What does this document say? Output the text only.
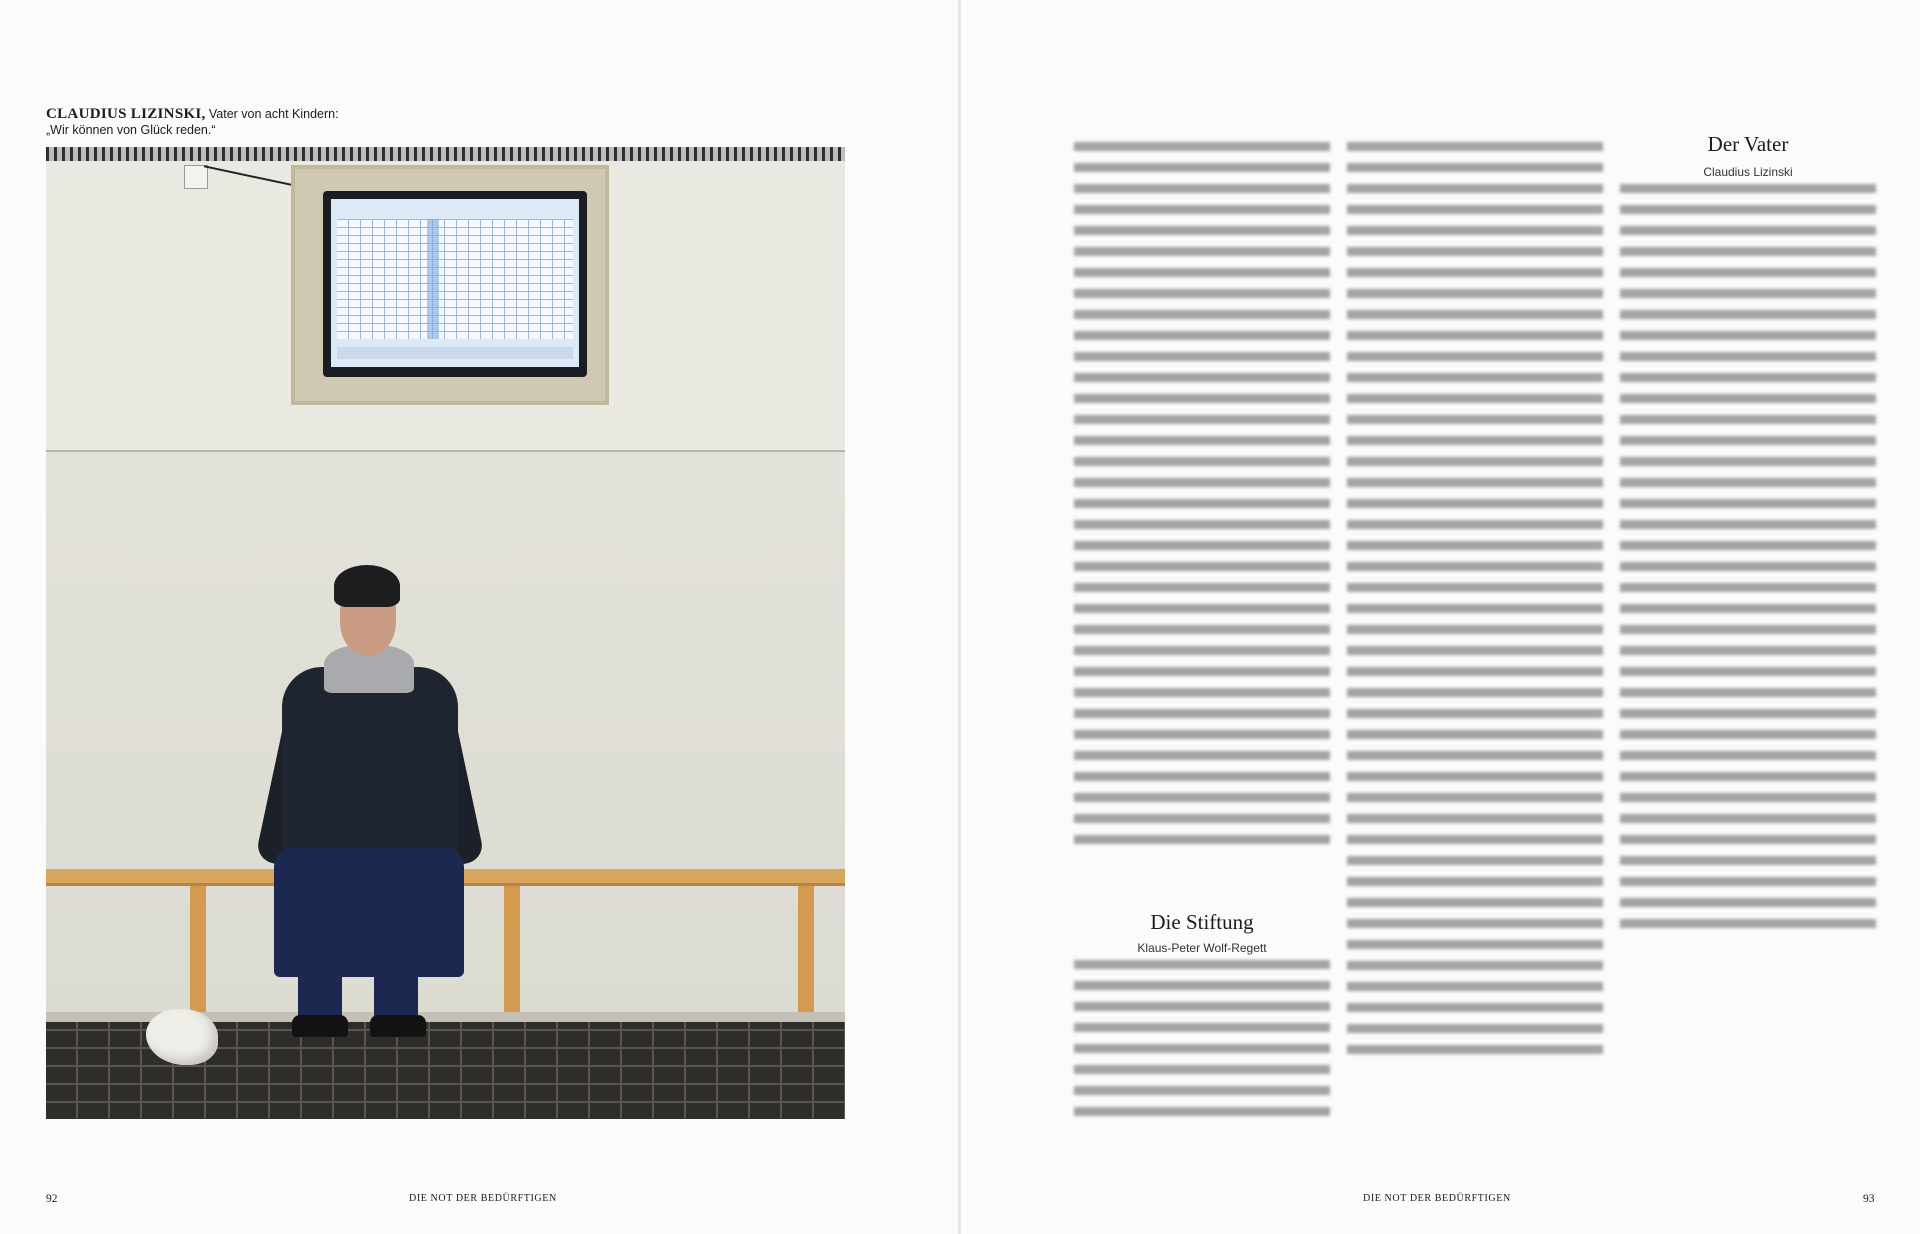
CLAUDIUS LIZINSKI, Vater von acht Kindern:
„Wir können von Glück reden.“
92	DIE NOT DER BEDÜRFTIGEN
Die Stiftung
Klaus-Peter Wolf-Regett
Der Vater
Claudius Lizinski
DIE NOT DER BEDÜRFTIGEN	93
